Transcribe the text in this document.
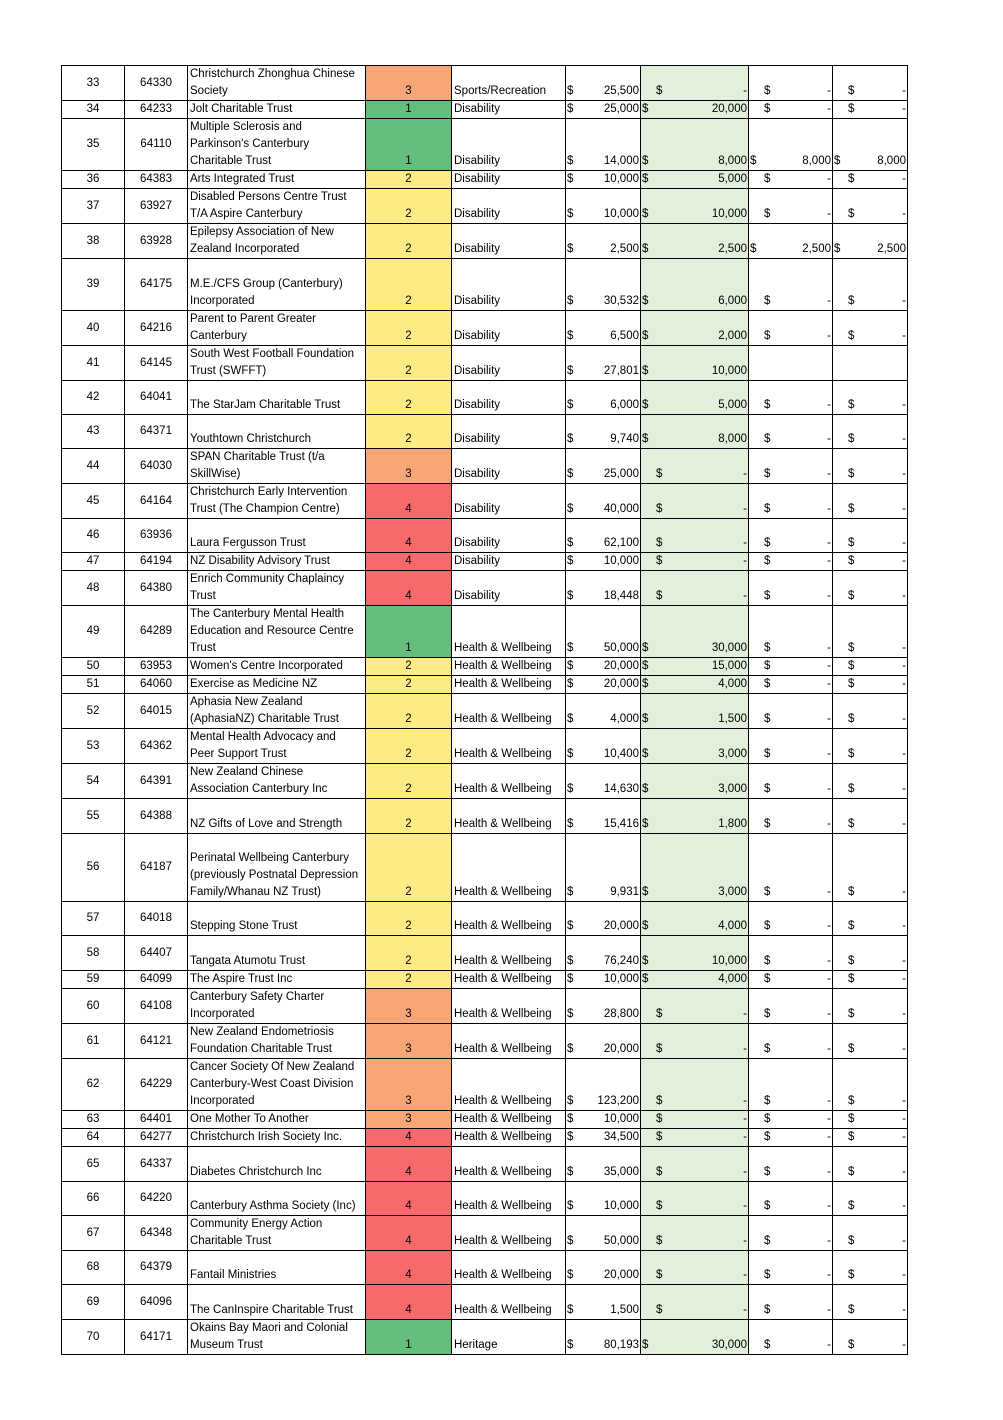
33	64330	Christchurch Zhonghua Chinese Society	3	Sports/Recreation	$ 25,500	$ -	$ -	$ -

34	64233	Jolt Charitable Trust	1	Disability	$ 25,000	$ 20,000	$ -	$ -

35	64110	Multiple Sclerosis and Parkinson's Canterbury Charitable Trust	1	Disability	$ 14,000	$ 8,000	$ 8,000	$ 8,000

36	64383	Arts Integrated Trust	2	Disability	$ 10,000	$ 5,000	$ -	$ -

37	63927	Disabled Persons Centre Trust T/A Aspire Canterbury	2	Disability	$ 10,000	$ 10,000	$ -	$ -

38	63928	Epilepsy Association of New Zealand Incorporated	2	Disability	$ 2,500	$ 2,500	$ 2,500	$ 2,500

39	64175	M.E./CFS Group (Canterbury) Incorporated	2	Disability	$ 30,532	$ 6,000	$ -	$ -

40	64216	Parent to Parent Greater Canterbury	2	Disability	$ 6,500	$ 2,000	$ -	$ -

41	64145	South West Football Foundation Trust (SWFFT)	2	Disability	$ 27,801	$ 10,000		

42	64041	The StarJam Charitable Trust	2	Disability	$ 6,000	$ 5,000	$ -	$ -

43	64371	Youthtown Christchurch	2	Disability	$ 9,740	$ 8,000	$ -	$ -

44	64030	SPAN Charitable Trust (t/a SkillWise)	3	Disability	$ 25,000	$ -	$ -	$ -

45	64164	Christchurch Early Intervention Trust (The Champion Centre)	4	Disability	$ 40,000	$ -	$ -	$ -

46	63936	Laura Fergusson Trust	4	Disability	$ 62,100	$ -	$ -	$ -

47	64194	NZ Disability Advisory Trust	4	Disability	$ 10,000	$ -	$ -	$ -

48	64380	Enrich Community Chaplaincy Trust	4	Disability	$ 18,448	$ -	$ -	$ -

49	64289	The Canterbury Mental Health Education and Resource Centre Trust	1	Health & Wellbeing	$ 50,000	$ 30,000	$ -	$ -

50	63953	Women's Centre Incorporated	2	Health & Wellbeing	$ 20,000	$ 15,000	$ -	$ -

51	64060	Exercise as Medicine NZ	2	Health & Wellbeing	$ 20,000	$ 4,000	$ -	$ -

52	64015	Aphasia New Zealand (AphasiaNZ) Charitable Trust	2	Health & Wellbeing	$ 4,000	$ 1,500	$ -	$ -

53	64362	Mental Health Advocacy and Peer Support Trust	2	Health & Wellbeing	$ 10,400	$ 3,000	$ -	$ -

54	64391	New Zealand Chinese Association Canterbury Inc	2	Health & Wellbeing	$ 14,630	$ 3,000	$ -	$ -

55	64388	NZ Gifts of Love and Strength	2	Health & Wellbeing	$ 15,416	$ 1,800	$ -	$ -

56	64187	Perinatal Wellbeing Canterbury (previously Postnatal Depression Family/Whanau NZ Trust)	2	Health & Wellbeing	$ 9,931	$ 3,000	$ -	$ -

57	64018	Stepping Stone Trust	2	Health & Wellbeing	$ 20,000	$ 4,000	$ -	$ -

58	64407	Tangata Atumotu Trust	2	Health & Wellbeing	$ 76,240	$ 10,000	$ -	$ -

59	64099	The Aspire Trust Inc	2	Health & Wellbeing	$ 10,000	$ 4,000	$ -	$ -

60	64108	Canterbury Safety Charter Incorporated	3	Health & Wellbeing	$ 28,800	$ -	$ -	$ -

61	64121	New Zealand Endometriosis Foundation Charitable Trust	3	Health & Wellbeing	$ 20,000	$ -	$ -	$ -

62	64229	Cancer Society Of New Zealand Canterbury-West Coast Division Incorporated	3	Health & Wellbeing	$ 123,200	$ -	$ -	$ -

63	64401	One Mother To Another	3	Health & Wellbeing	$ 10,000	$ -	$ -	$ -

64	64277	Christchurch Irish Society Inc.	4	Health & Wellbeing	$ 34,500	$ -	$ -	$ -

65	64337	Diabetes Christchurch Inc	4	Health & Wellbeing	$ 35,000	$ -	$ -	$ -

66	64220	Canterbury Asthma Society (Inc)	4	Health & Wellbeing	$ 10,000	$ -	$ -	$ -

67	64348	Community Energy Action Charitable Trust	4	Health & Wellbeing	$ 50,000	$ -	$ -	$ -

68	64379	Fantail Ministries	4	Health & Wellbeing	$ 20,000	$ -	$ -	$ -

69	64096	The CanInspire Charitable Trust	4	Health & Wellbeing	$ 1,500	$ -	$ -	$ -

70	64171	Okains Bay Maori and Colonial Museum Trust	1	Heritage	$ 80,193	$ 30,000	$ -	$ -
